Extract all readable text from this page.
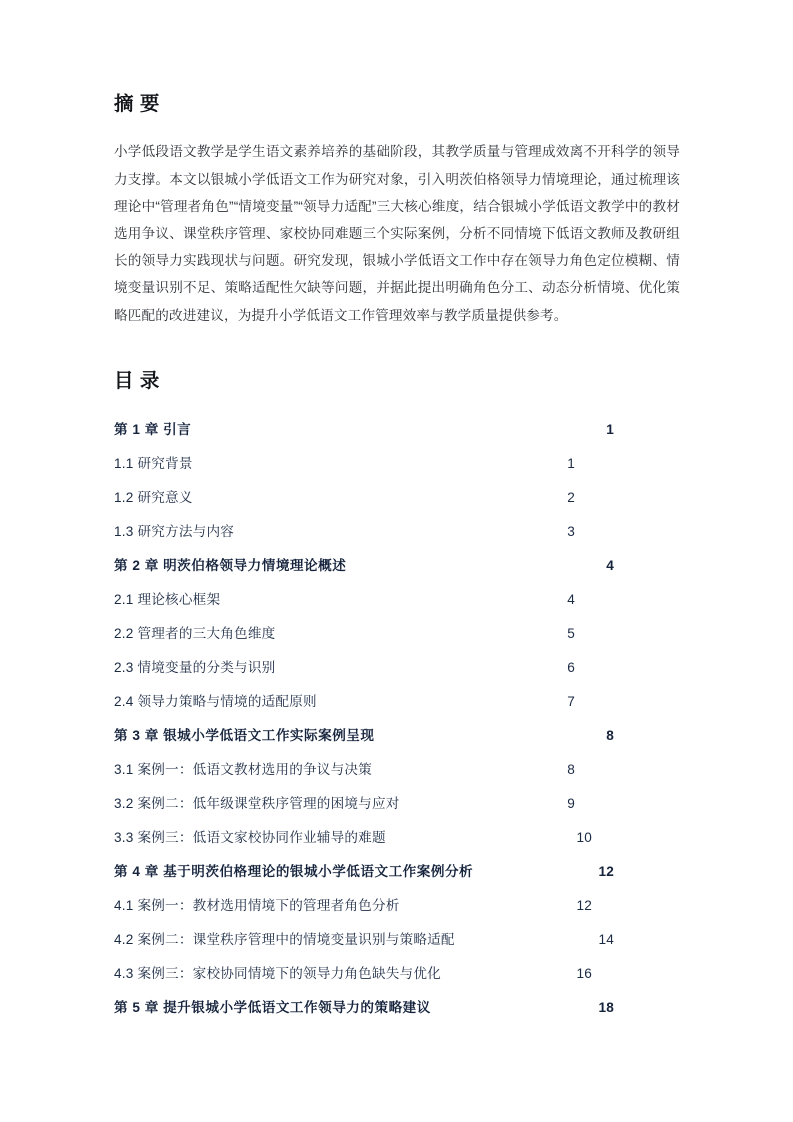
摘 要

小学低段语文教学是学生语文素养培养的基础阶段，其教学质量与管理成效离不开科学的领导力支撑。本文以银城小学低语文工作为研究对象，引入明茨伯格领导力情境理论，通过梳理该理论中“管理者角色”“情境变量”“领导力适配”三大核心维度，结合银城小学低语文教学中的教材选用争议、课堂秩序管理、家校协同难题三个实际案例，分析不同情境下低语文教师及教研组长的领导力实践现状与问题。研究发现，银城小学低语文工作中存在领导力角色定位模糊、情境变量识别不足、策略适配性欠缺等问题，并据此提出明确角色分工、动态分析情境、优化策略匹配的改进建议，为提升小学低语文工作管理效率与教学质量提供参考。

目 录
第 1 章 引言 .....	1
1.1 研究背景 .....	1
1.2 研究意义 .....	2
1.3 研究方法与内容 .....	3
第 2 章 明茨伯格领导力情境理论概述 .....	4
2.1 理论核心框架 .....	4
2.2 管理者的三大角色维度 .....	5
2.3 情境变量的分类与识别 .....	6
2.4 领导力策略与情境的适配原则 .....	7
第 3 章 银城小学低语文工作实际案例呈现 .....	8
3.1 案例一：低语文教材选用的争议与决策 .....	8
3.2 案例二：低年级课堂秩序管理的困境与应对 .....	9
3.3 案例三：低语文家校协同作业辅导的难题 .....	10
第 4 章 基于明茨伯格理论的银城小学低语文工作案例分析 .....	12
4.1 案例一：教材选用情境下的管理者角色分析 .....	12
4.2 案例二：课堂秩序管理中的情境变量识别与策略适配 .....	14
4.3 案例三：家校协同情境下的领导力角色缺失与优化 .....	16
第 5 章 提升银城小学低语文工作领导力的策略建议 .....	18
